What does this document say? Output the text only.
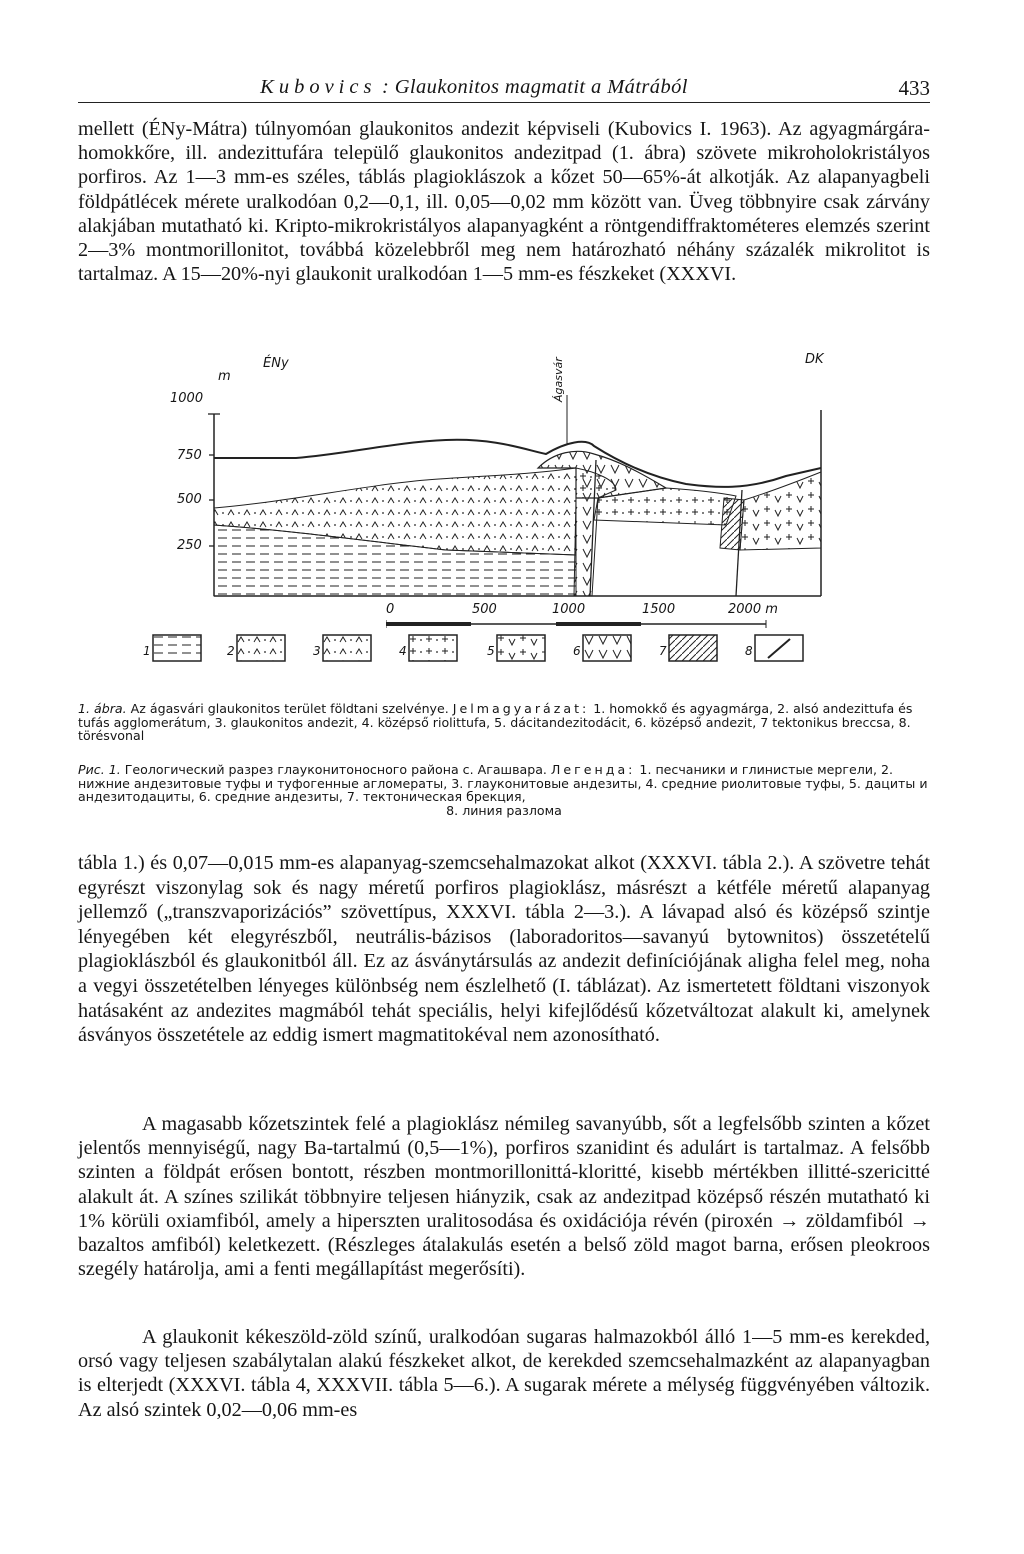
Kubovics : Glaukonitos magmatit a Mátrából	433

mellett (ÉNy-Mátra) túlnyomóan glaukonitos andezit képviseli (Kubovics I. 1963). Az agyagmárgára-homokkőre, ill. andezittufára települő glaukonitos andezitpad (1. ábra) szövete mikroholokristályos porfiros. Az 1—3 mm-es széles, táblás plagioklászok a kőzet 50—65%-át alkotják. Az alapanyagbeli földpátlécek mérete uralkodóan 0,2—0,1, ill. 0,05—0,02 mm között van. Üveg többnyire csak zárvány alakjában mutatható ki. Kripto-mikrokristályos alapanyagként a röntgendiffraktométeres elemzés szerint 2—3% montmorillonitot, továbbá közelebbről meg nem határozható néhány százalék mikrolitot is tartalmaz. A 15—20%-nyi glaukonit uralkodóan 1—5 mm-es fészkeket (XXXVI.

ÉNy	DK
m
1000
750
500
250
Ágasvár
0	500	1000	1500	2000 m
1	2	3	4	5	6	7	8

1. ábra. Az ágasvári glaukonitos terület földtani szelvénye. Jelmagyarázat: 1. homokkő és agyagmárga, 2. alsó andezittufa és tufás agglomerátum, 3. glaukonitos andezit, 4. középső riolittufa, 5. dácitandezitodácit, 6. középső andezit, 7 tektonikus breccsa, 8. törésvonal

Рис. 1. Геологический разрез глауконитоносного района с. Агашвара. Легенда: 1. песчаники и глинистые мергели, 2. нижние андезитовые туфы и туфогенные агломераты, 3. глауконитовые андезиты, 4. средние риолитовые туфы, 5. дациты и андезитодациты, 6. средние андезиты, 7. тектоническая брекция,
8. линия разлома

tábla 1.) és 0,07—0,015 mm-es alapanyag-szemcsehalmazokat alkot (XXXVI. tábla 2.). A szövetre tehát egyrészt viszonylag sok és nagy méretű porfiros plagioklász, másrészt a kétféle méretű alapanyag jellemző („transzvaporizációs” szövettípus, XXXVI. tábla 2—3.). A lávapad alsó és középső szintje lényegében két elegyrészből, neutrális-bázisos (laboradoritos—savanyú bytownitos) összetételű plagioklászból és glaukonitból áll. Ez az ásványtársulás az andezit definíciójának aligha felel meg, noha a vegyi összetételben lényeges különbség nem észlelhető (I. táblázat). Az ismertetett földtani viszonyok hatásaként az andezites magmából tehát speciális, helyi kifejlődésű kőzetváltozat alakult ki, amelynek ásványos összetétele az eddig ismert magmatitokéval nem azonosítható.

A magasabb kőzetszintek felé a plagioklász némileg savanyúbb, sőt a legfelsőbb szinten a kőzet jelentős mennyiségű, nagy Ba-tartalmú (0,5—1%), porfiros szanidint és adulárt is tartalmaz. A felsőbb szinten a földpát erősen bontott, részben montmorillonittá-kloritté, kisebb mértékben illitté-szericitté alakult át. A színes szilikát többnyire teljesen hiányzik, csak az andezitpad középső részén mutatható ki 1% körüli oxiamfiból, amely a hiperszten uralitosodása és oxidációja révén (piroxén → zöldamfiból → bazaltos amfiból) keletkezett. (Részleges átalakulás esetén a belső zöld magot barna, erősen pleokroos szegély határolja, ami a fenti megállapítást megerősíti).

A glaukonit kékeszöld-zöld színű, uralkodóan sugaras halmazokból álló 1—5 mm-es kerekded, orsó vagy teljesen szabálytalan alakú fészkeket alkot, de kerekded szemcsehalmazként az alapanyagban is elterjedt (XXXVI. tábla 4, XXXVII. tábla 5—6.). A sugarak mérete a mélység függvényében változik. Az alsó szintek 0,02—0,06 mm-es
